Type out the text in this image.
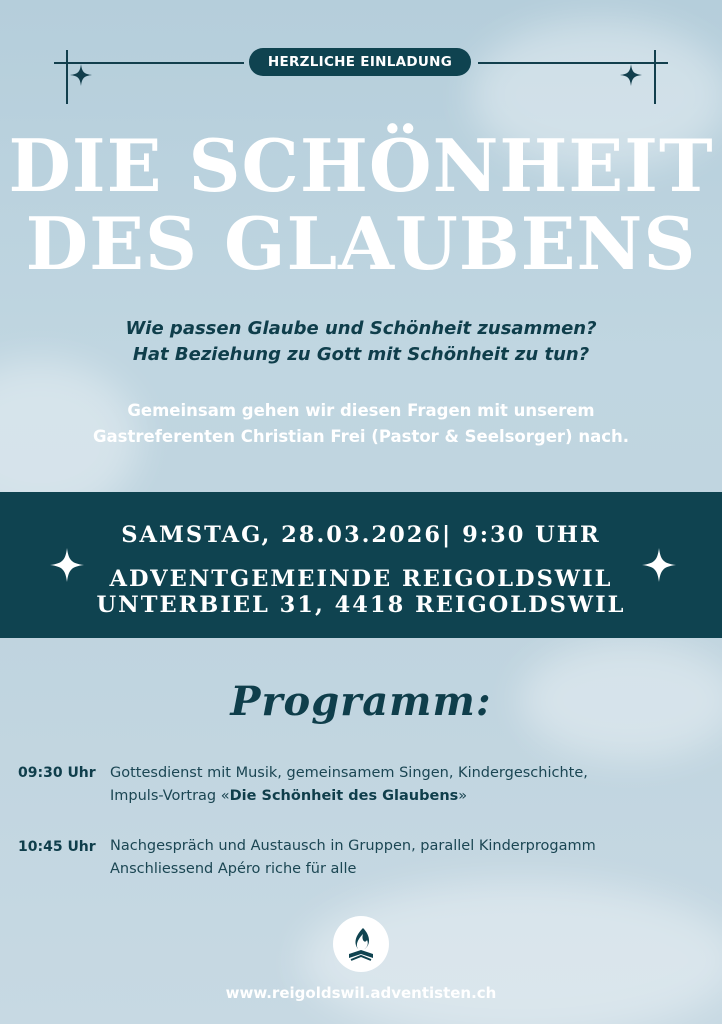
HERZLICHE EINLADUNG
DIE SCHÖNHEIT
DES GLAUBENS
Wie passen Glaube und Schönheit zusammen?
Hat Beziehung zu Gott mit Schönheit zu tun?
Gemeinsam gehen wir diesen Fragen mit unserem
Gastreferenten Christian Frei (Pastor & Seelsorger) nach.
SAMSTAG, 28.03.2026| 9:30 UHR
ADVENTGEMEINDE REIGOLDSWIL
UNTERBIEL 31, 4418 REIGOLDSWIL
Programm:
09:30 Uhr Gottesdienst mit Musik, gemeinsamem Singen, Kindergeschichte,
Impuls-Vortrag «Die Schönheit des Glaubens»
10:45 Uhr Nachgespräch und Austausch in Gruppen, parallel Kinderprogamm
Anschliessend Apéro riche für alle
www.reigoldswil.adventisten.ch
